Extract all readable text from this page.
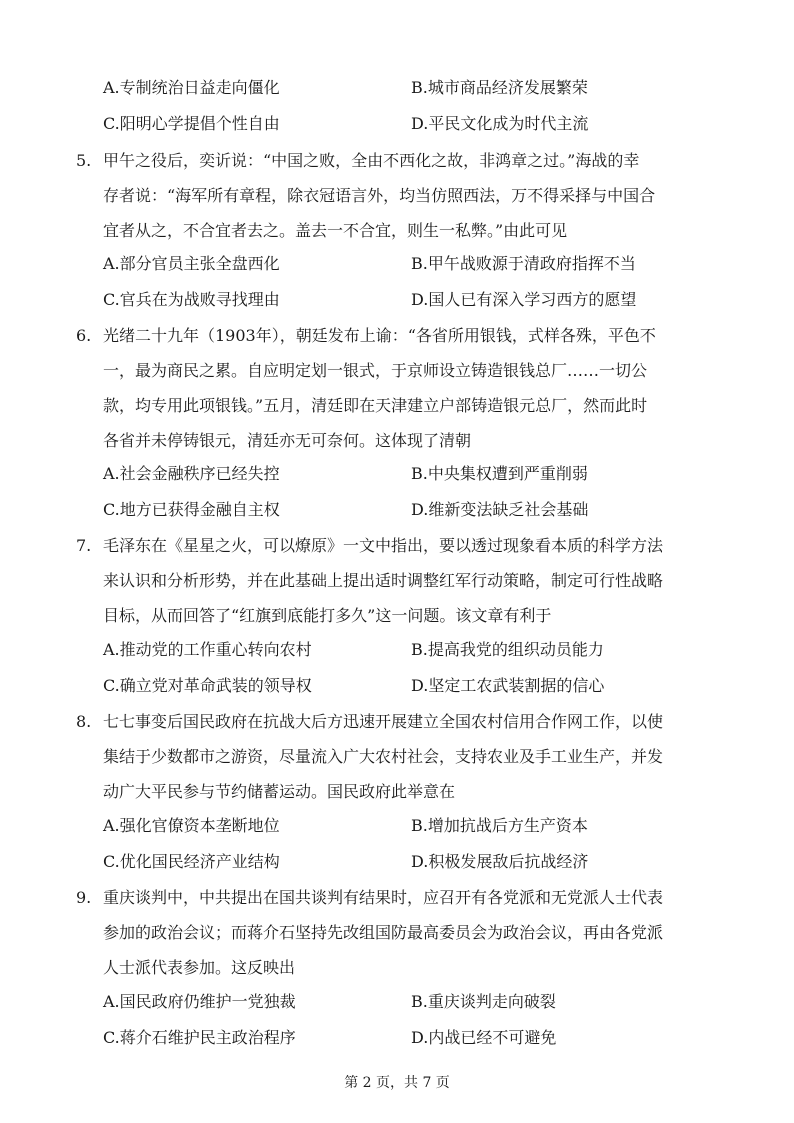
A.专制统治日益走向僵化	B.城市商品经济发展繁荣
C.阳明心学提倡个性自由	D.平民文化成为时代主流
5. 甲午之役后，奕䜣说：“中国之败，全由不西化之故，非鸿章之过。”海战的幸
存者说：“海军所有章程，除衣冠语言外，均当仿照西法，万不得采择与中国合
宜者从之，不合宜者去之。盖去一不合宜，则生一私弊。”由此可见
A.部分官员主张全盘西化	B.甲午战败源于清政府指挥不当
C.官兵在为战败寻找理由	D.国人已有深入学习西方的愿望
6. 光绪二十九年（1903年），朝廷发布上谕：“各省所用银钱，式样各殊，平色不
一，最为商民之累。自应明定划一银式，于京师设立铸造银钱总厂……一切公
款，均专用此项银钱。”五月，清廷即在天津建立户部铸造银元总厂，然而此时
各省并未停铸银元，清廷亦无可奈何。这体现了清朝
A.社会金融秩序已经失控	B.中央集权遭到严重削弱
C.地方已获得金融自主权	D.维新变法缺乏社会基础
7. 毛泽东在《星星之火，可以燎原》一文中指出，要以透过现象看本质的科学方法
来认识和分析形势，并在此基础上提出适时调整红军行动策略，制定可行性战略
目标，从而回答了“红旗到底能打多久”这一问题。该文章有利于
A.推动党的工作重心转向农村	B.提高我党的组织动员能力
C.确立党对革命武装的领导权	D.坚定工农武装割据的信心
8. 七七事变后国民政府在抗战大后方迅速开展建立全国农村信用合作网工作，以使
集结于少数都市之游资，尽量流入广大农村社会，支持农业及手工业生产，并发
动广大平民参与节约储蓄运动。国民政府此举意在
A.强化官僚资本垄断地位	B.增加抗战后方生产资本
C.优化国民经济产业结构	D.积极发展敌后抗战经济
9. 重庆谈判中，中共提出在国共谈判有结果时，应召开有各党派和无党派人士代表
参加的政治会议；而蒋介石坚持先改组国防最高委员会为政治会议，再由各党派
人士派代表参加。这反映出
A.国民政府仍维护一党独裁	B.重庆谈判走向破裂
C.蒋介石维护民主政治程序	D.内战已经不可避免
第 2 页，共 7 页
